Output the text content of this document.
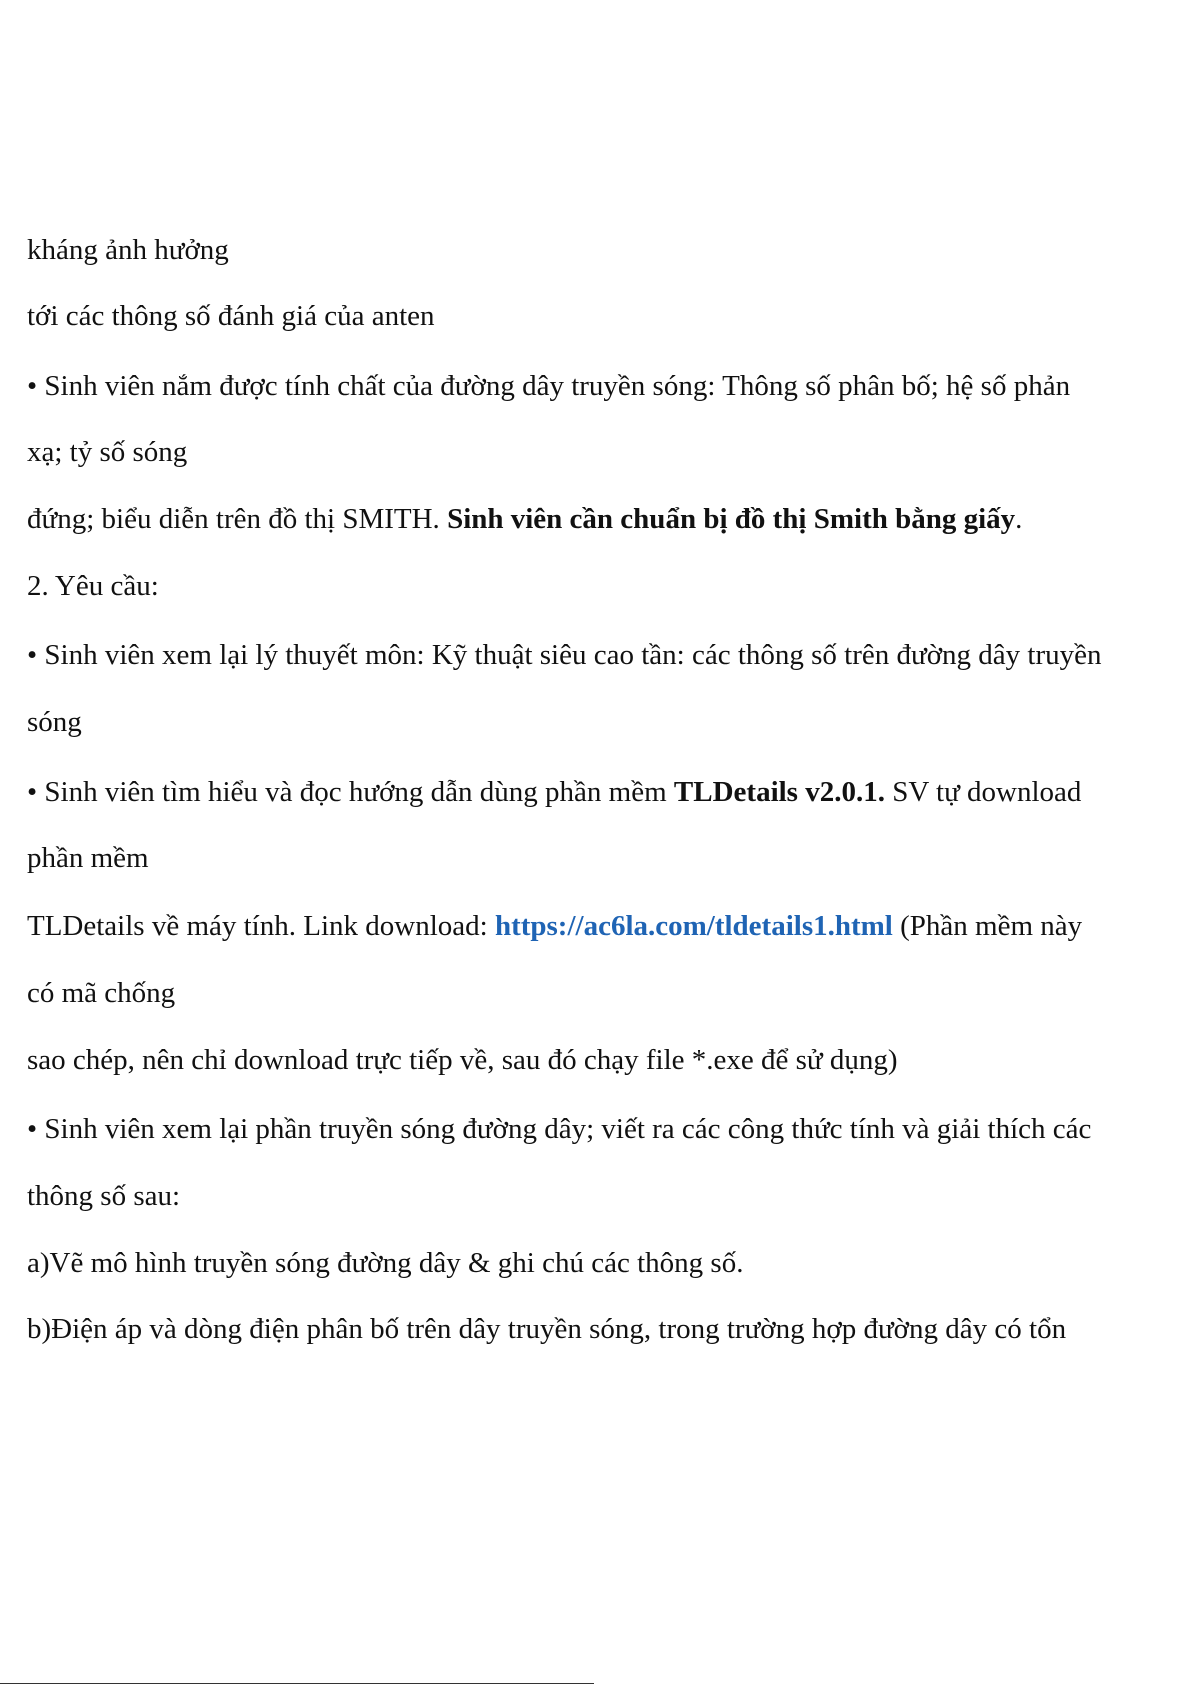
kháng ảnh hưởng
tới các thông số đánh giá của anten
• Sinh viên nắm được tính chất của đường dây truyền sóng: Thông số phân bố; hệ số phản
xạ; tỷ số sóng
đứng; biểu diễn trên đồ thị SMITH. Sinh viên cần chuẩn bị đồ thị Smith bằng giấy.
2. Yêu cầu:
• Sinh viên xem lại lý thuyết môn: Kỹ thuật siêu cao tần: các thông số trên đường dây truyền
sóng
• Sinh viên tìm hiểu và đọc hướng dẫn dùng phần mềm TLDetails v2.0.1. SV tự download
phần mềm
TLDetails về máy tính. Link download: https://ac6la.com/tldetails1.html (Phần mềm này
có mã chống
sao chép, nên chỉ download trực tiếp về, sau đó chạy file *.exe để sử dụng)
• Sinh viên xem lại phần truyền sóng đường dây; viết ra các công thức tính và giải thích các
thông số sau:
a)Vẽ mô hình truyền sóng đường dây & ghi chú các thông số.
b)Điện áp và dòng điện phân bố trên dây truyền sóng, trong trường hợp đường dây có tổn
